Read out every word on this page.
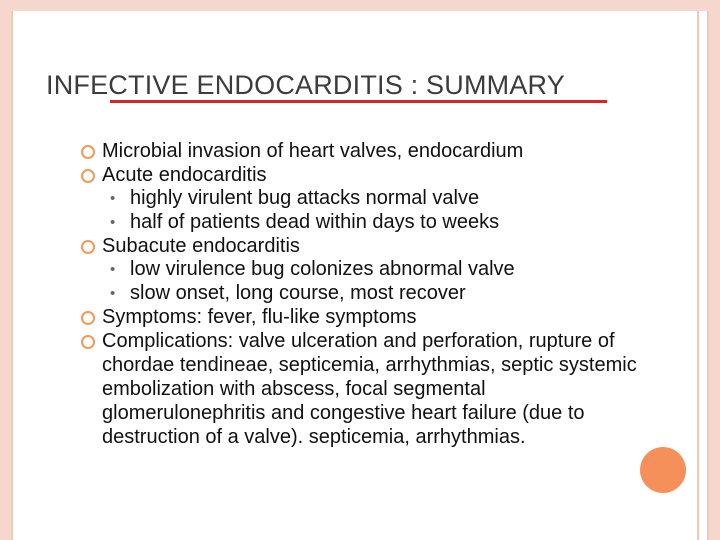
INFECTIVE ENDOCARDITIS : SUMMARY
Microbial invasion of heart valves, endocardium
Acute endocarditis
• highly virulent bug attacks normal valve
• half of patients dead within days to weeks
Subacute endocarditis
• low virulence bug colonizes abnormal valve
• slow onset, long course, most recover
Symptoms: fever, flu-like symptoms
Complications: valve ulceration and perforation, rupture of chordae tendineae, septicemia, arrhythmias, septic systemic embolization with abscess, focal segmental glomerulonephritis and congestive heart failure (due to destruction of a valve). septicemia, arrhythmias.
